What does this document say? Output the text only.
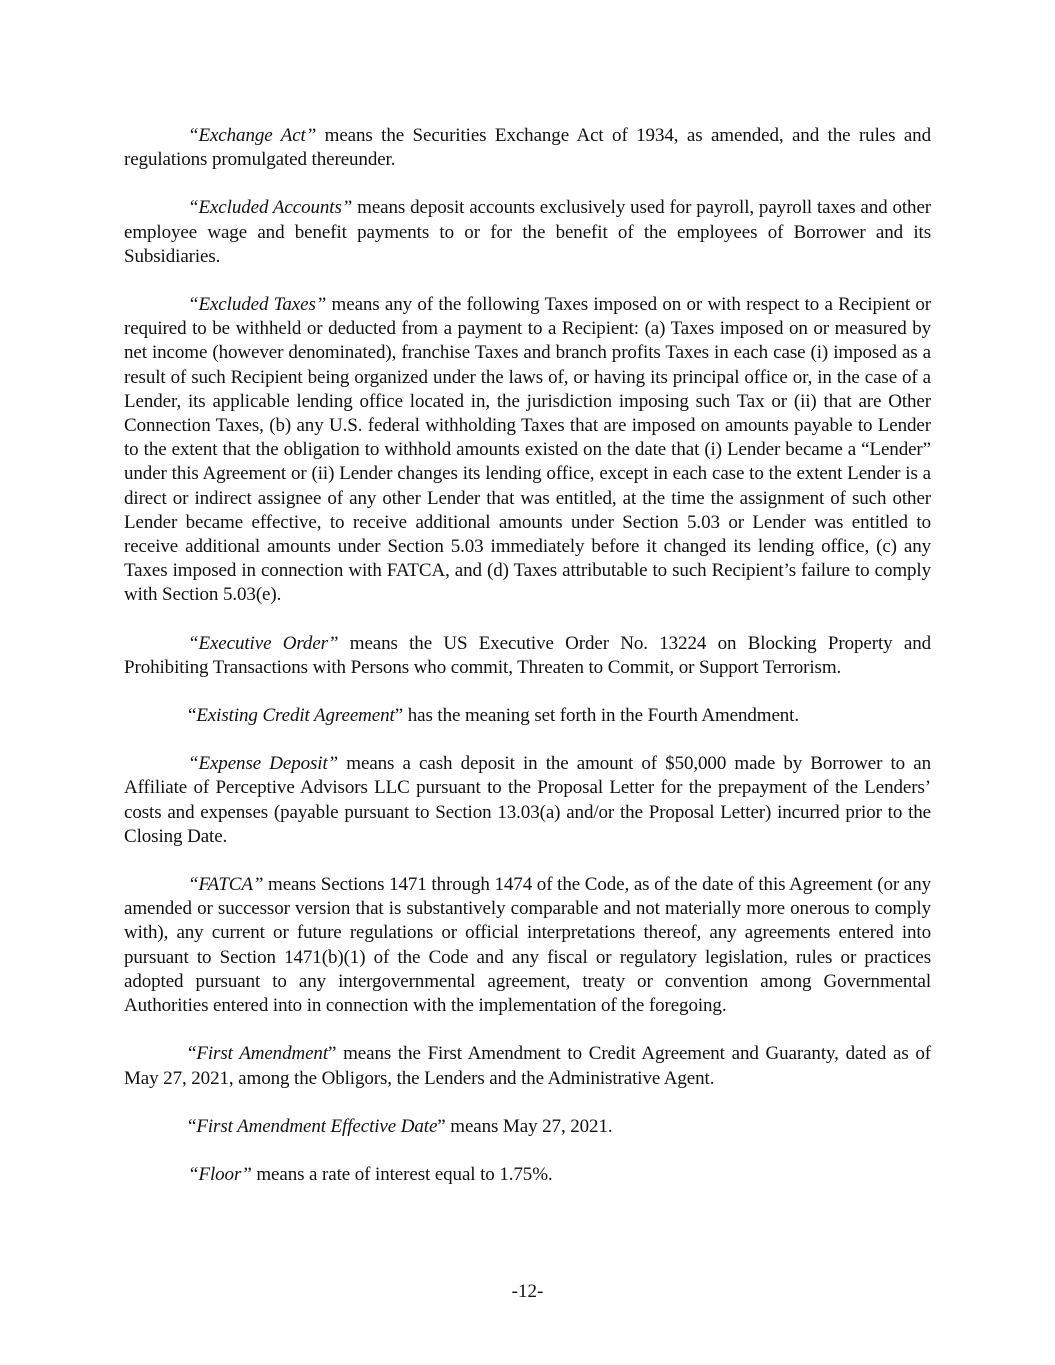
“Exchange Act” means the Securities Exchange Act of 1934, as amended, and the rules and regulations promulgated thereunder.

“Excluded Accounts” means deposit accounts exclusively used for payroll, payroll taxes and other employee wage and benefit payments to or for the benefit of the employees of Borrower and its Subsidiaries.

“Excluded Taxes” means any of the following Taxes imposed on or with respect to a Recipient or required to be withheld or deducted from a payment to a Recipient: (a) Taxes imposed on or measured by net income (however denominated), franchise Taxes and branch profits Taxes in each case (i) imposed as a result of such Recipient being organized under the laws of, or having its principal office or, in the case of a Lender, its applicable lending office located in, the jurisdiction imposing such Tax or (ii) that are Other Connection Taxes, (b) any U.S. federal withholding Taxes that are imposed on amounts payable to Lender to the extent that the obligation to withhold amounts existed on the date that (i) Lender became a “Lender” under this Agreement or (ii) Lender changes its lending office, except in each case to the extent Lender is a direct or indirect assignee of any other Lender that was entitled, at the time the assignment of such other Lender became effective, to receive additional amounts under Section 5.03 or Lender was entitled to receive additional amounts under Section 5.03 immediately before it changed its lending office, (c) any Taxes imposed in connection with FATCA, and (d) Taxes attributable to such Recipient’s failure to comply with Section 5.03(e).

“Executive Order” means the US Executive Order No. 13224 on Blocking Property and Prohibiting Transactions with Persons who commit, Threaten to Commit, or Support Terrorism.

“Existing Credit Agreement” has the meaning set forth in the Fourth Amendment.

“Expense Deposit” means a cash deposit in the amount of $50,000 made by Borrower to an Affiliate of Perceptive Advisors LLC pursuant to the Proposal Letter for the prepayment of the Lenders’ costs and expenses (payable pursuant to Section 13.03(a) and/or the Proposal Letter) incurred prior to the Closing Date.

“FATCA” means Sections 1471 through 1474 of the Code, as of the date of this Agreement (or any amended or successor version that is substantively comparable and not materially more onerous to comply with), any current or future regulations or official interpretations thereof, any agreements entered into pursuant to Section 1471(b)(1) of the Code and any fiscal or regulatory legislation, rules or practices adopted pursuant to any intergovernmental agreement, treaty or convention among Governmental Authorities entered into in connection with the implementation of the foregoing.

“First Amendment” means the First Amendment to Credit Agreement and Guaranty, dated as of May 27, 2021, among the Obligors, the Lenders and the Administrative Agent.

“First Amendment Effective Date” means May 27, 2021.

“Floor” means a rate of interest equal to 1.75%.

-12-
